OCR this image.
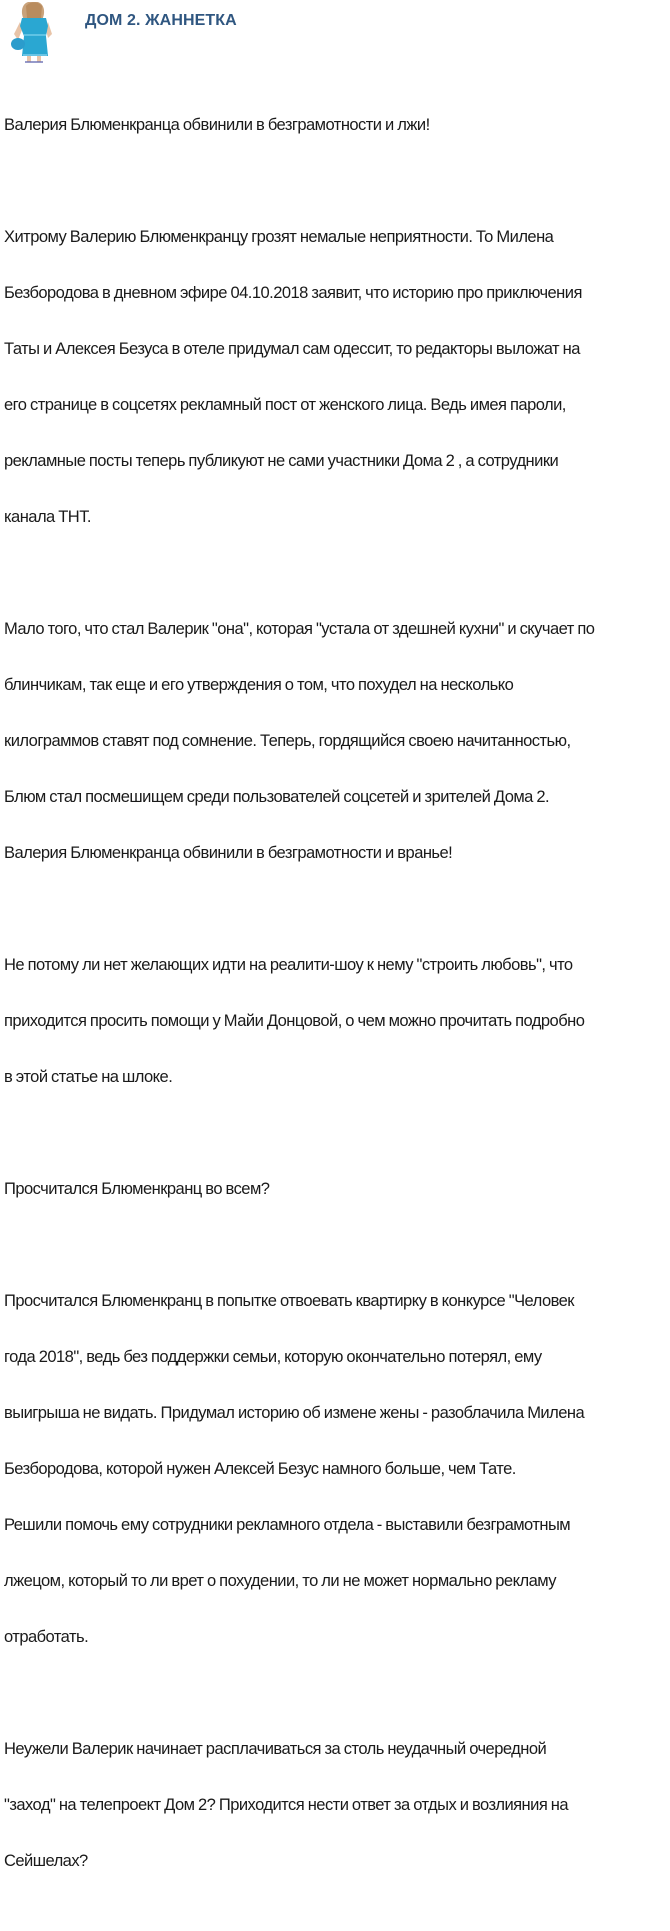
ДОМ 2. ЖАННЕТКА

Валерия Блюменкранца обвинили в безграмотности и лжи!

Хитрому Валерию Блюменкранцу грозят немалые неприятности. То Милена

Безбородова в дневном эфире 04.10.2018 заявит, что историю про приключения

Таты и Алексея Безуса в отеле придумал сам одессит, то редакторы выложат на

его странице в соцсетях рекламный пост от женского лица. Ведь имея пароли,

рекламные посты теперь публикуют не сами участники Дома 2 , а сотрудники

канала ТНТ.

Мало того, что стал Валерик "она", которая "устала от здешней кухни" и скучает по

блинчикам, так еще и его утверждения о том, что похудел на несколько

килограммов ставят под сомнение. Теперь, гордящийся своею начитанностью,

Блюм стал посмешищем среди пользователей соцсетей и зрителей Дома 2.

Валерия Блюменкранца обвинили в безграмотности и вранье!

Не потому ли нет желающих идти на реалити-шоу к нему "строить любовь", что

приходится просить помощи у Майи Донцовой, о чем можно прочитать подробно

в этой статье на шлоке.

Просчитался Блюменкранц во всем?

Просчитался Блюменкранц в попытке отвоевать квартирку в конкурсе "Человек

года 2018", ведь без поддержки семьи, которую окончательно потерял, ему

выигрыша не видать. Придумал историю об измене жены - разоблачила Милена

Безбородова, которой нужен Алексей Безус намного больше, чем Тате.

Решили помочь ему сотрудники рекламного отдела - выставили безграмотным

лжецом, который то ли врет о похудении, то ли не может нормально рекламу

отработать.

Неужели Валерик начинает расплачиваться за столь неудачный очередной

"заход" на телепроект Дом 2? Приходится нести ответ за отдых и возлияния на

Сейшелах?
